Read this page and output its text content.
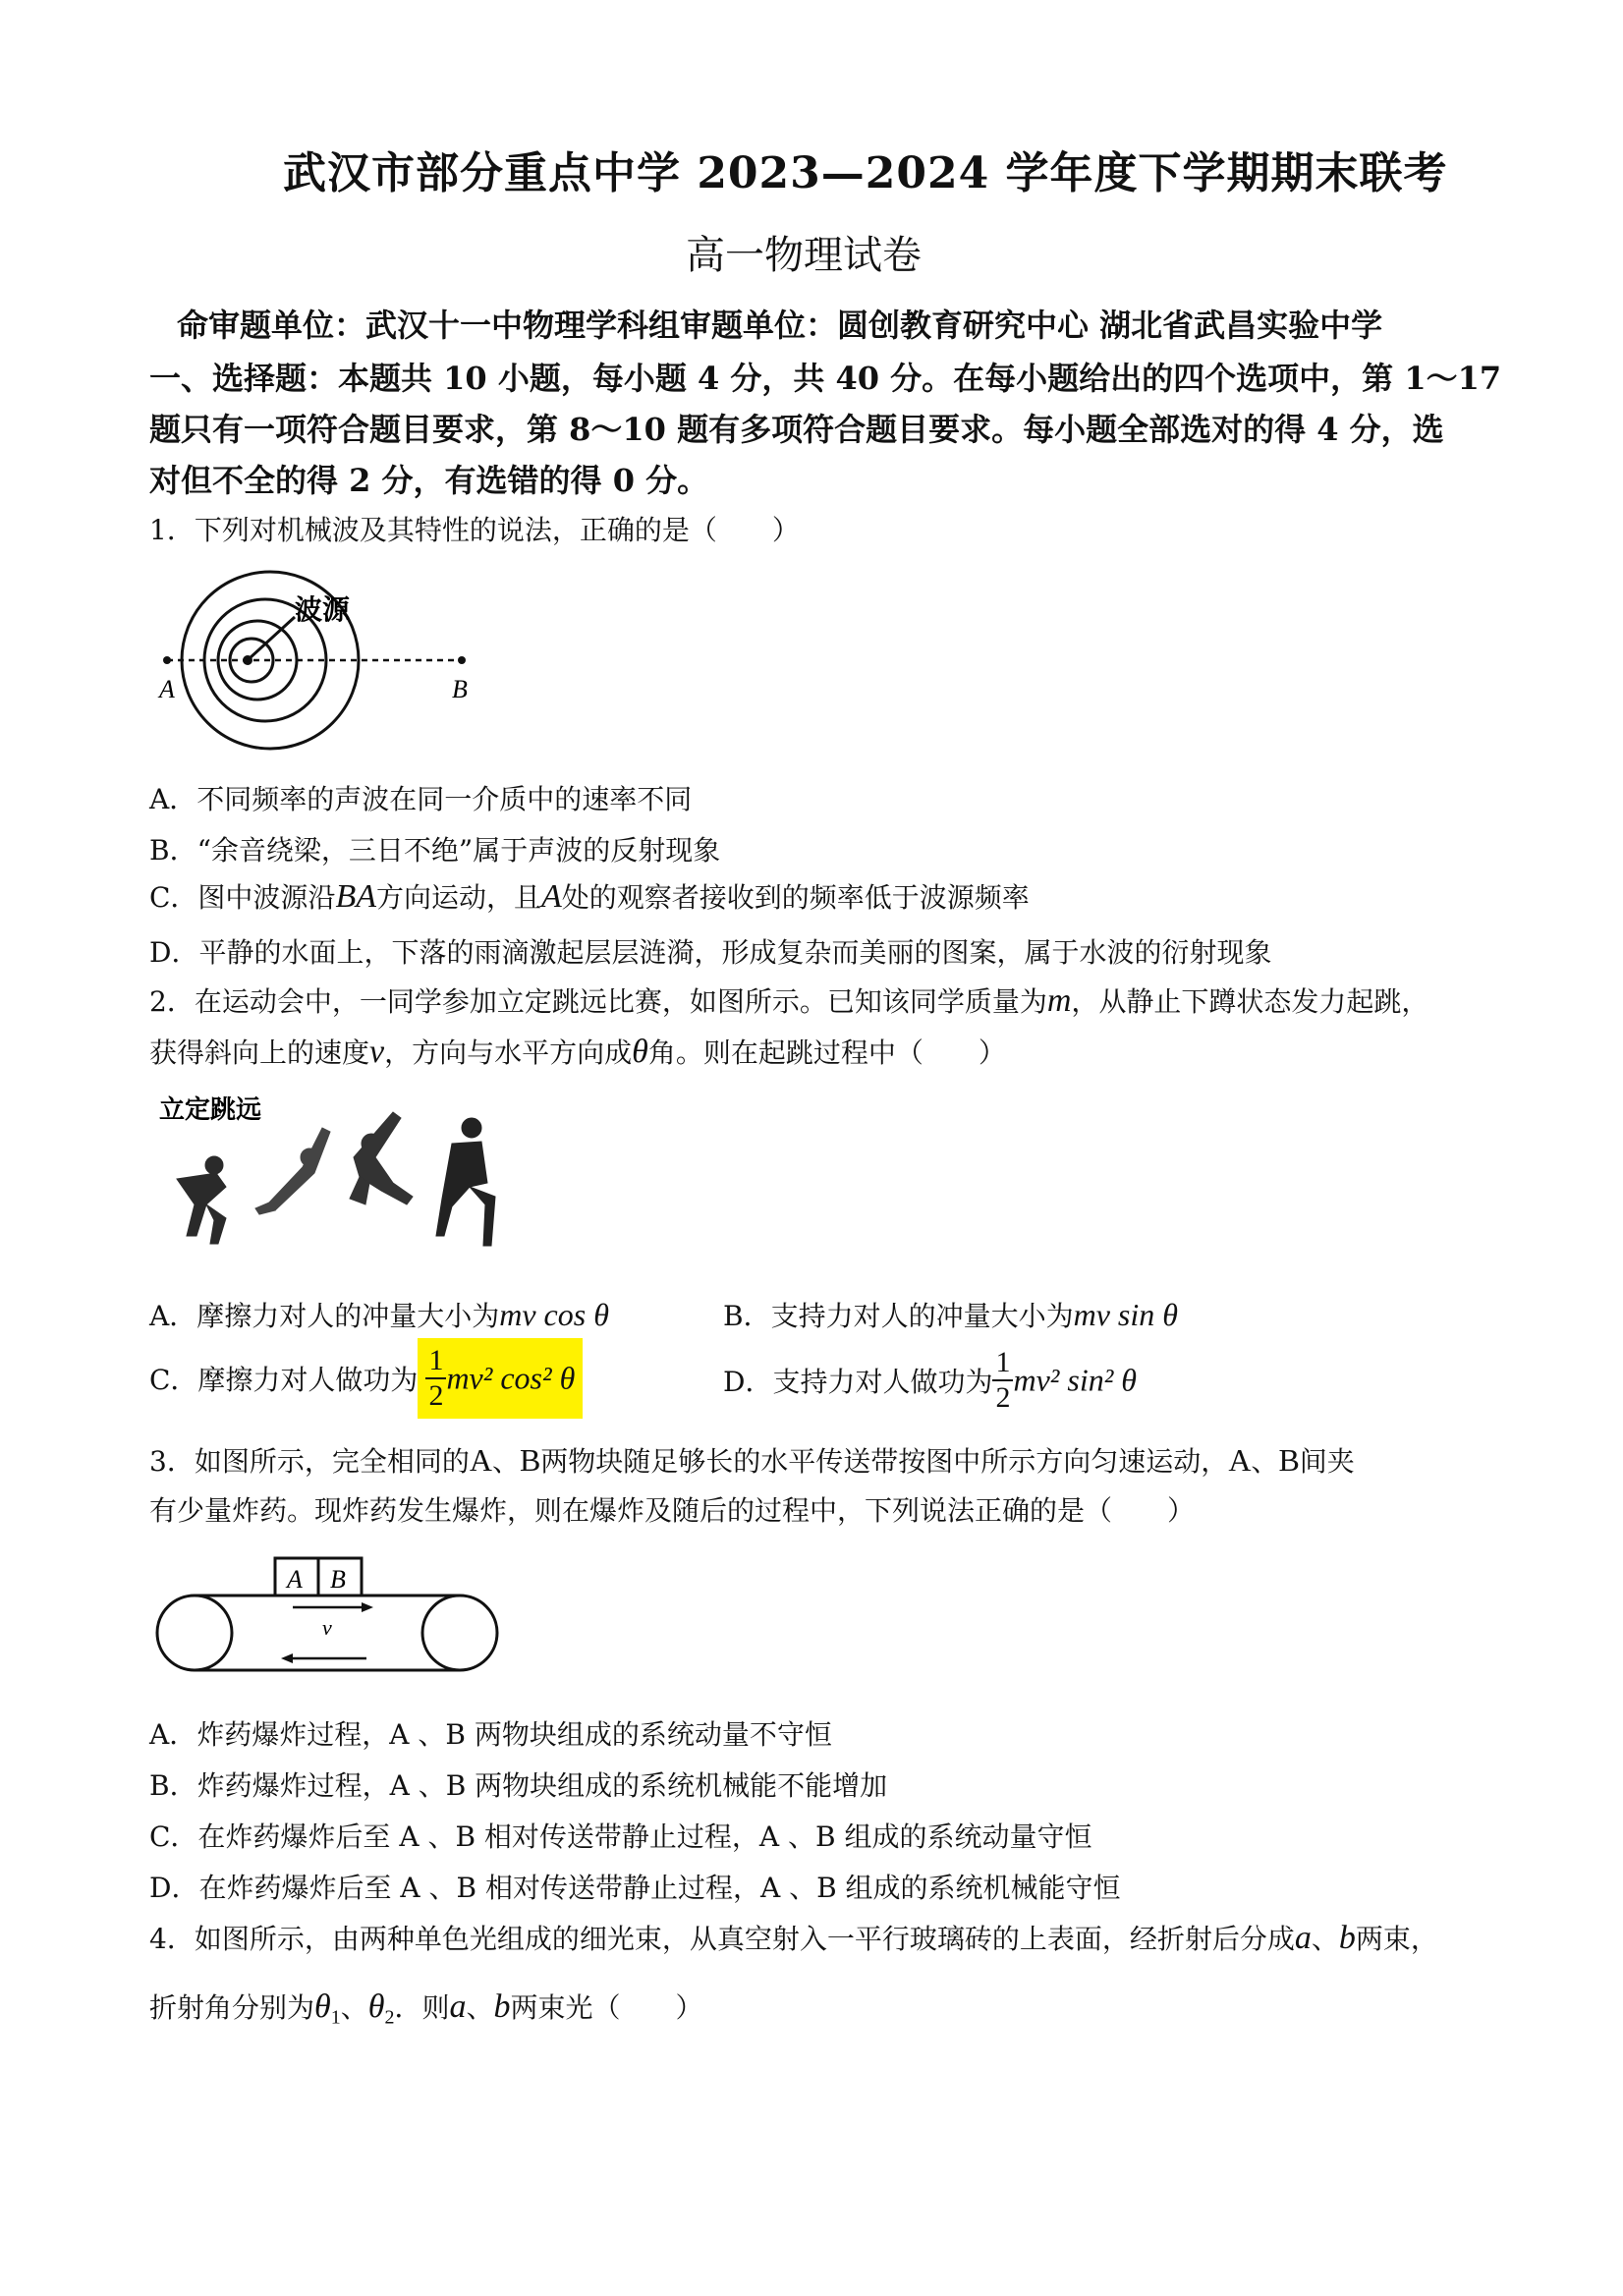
武汉市部分重点中学 2023—2024 学年度下学期期末联考
高一物理试卷
命审题单位：武汉十一中物理学科组审题单位：圆创教育研究中心 湖北省武昌实验中学
一、选择题：本题共 10 小题，每小题 4 分，共 40 分。在每小题给出的四个选项中，第 1～17
题只有一项符合题目要求，第 8～10 题有多项符合题目要求。每小题全部选对的得 4 分，选
对但不全的得 2 分，有选错的得 0 分。
1．下列对机械波及其特性的说法，正确的是（　　）
波源
A	B
A．不同频率的声波在同一介质中的速率不同
B．“余音绕梁，三日不绝”属于声波的反射现象
C．图中波源沿BA方向运动，且A处的观察者接收到的频率低于波源频率
D．平静的水面上，下落的雨滴激起层层涟漪，形成复杂而美丽的图案，属于水波的衍射现象
2．在运动会中，一同学参加立定跳远比赛，如图所示。已知该同学质量为m，从静止下蹲状态发力起跳，
获得斜向上的速度v，方向与水平方向成θ角。则在起跳过程中（　　）
立定跳远
A．摩擦力对人的冲量大小为mv cos θ	B．支持力对人的冲量大小为mv sin θ
C．摩擦力对人做功为 $\frac{1}{2} mv^2$ cos² θ	D．支持力对人做功为 $\frac{1}{2} mv^2$ sin² θ
3．如图所示，完全相同的A、B两物块随足够长的水平传送带按图中所示方向匀速运动，A、B间夹
有少量炸药。现炸药发生爆炸，则在爆炸及随后的过程中，下列说法正确的是（　　）
A B
v
A．炸药爆炸过程，A 、B 两物块组成的系统动量不守恒
B．炸药爆炸过程，A 、B 两物块组成的系统机械能不能增加
C．在炸药爆炸后至 A 、B 相对传送带静止过程，A 、B 组成的系统动量守恒
D．在炸药爆炸后至 A 、B 相对传送带静止过程，A 、B 组成的系统机械能守恒
4．如图所示，由两种单色光组成的细光束，从真空射入一平行玻璃砖的上表面，经折射后分成a、b两束，
折射角分别为$\theta_1$、$\theta_2$．则a、b两束光（　　）
